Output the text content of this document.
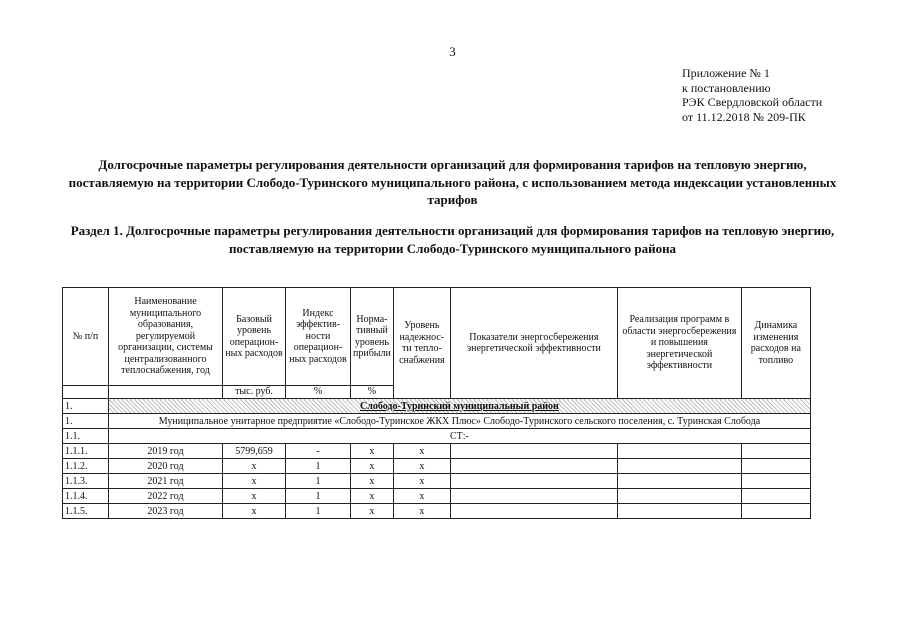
3
Приложение № 1
к постановлению
РЭК Свердловской области
от 11.12.2018 № 209-ПК
Долгосрочные параметры регулирования деятельности организаций для формирования тарифов на тепловую энергию, поставляемую на территории Слободо-Туринского муниципального района, с использованием метода индексации установленных тарифов
Раздел 1. Долгосрочные параметры регулирования деятельности организаций для формирования тарифов на тепловую энергию, поставляемую на территории Слободо-Туринского муниципального района
№ п/п	Наименование муниципального образования, регулируемой организации, системы централизованного теплоснабжения, год	Базовый уровень операцион-ных расходов	Индекс эффектив-ности операцион-ных расходов	Норма-тивный уровень прибыли	Уровень надежнос-ти тепло-снабжения	Показатели энергосбережения энергетической эффективности	Реализация программ в области энергосбережения и повышения энергетической эффективности	Динамика изменения расходов на топливо
		тыс. руб.	%	%				
1.	Слободо-Туринский муниципальный район							
1.	Муниципальное унитарное предприятие «Слободо-Туринское ЖКХ Плюс» Слободо-Туринского сельского поселения, с. Туринская Слобода							
1.1.	СТ:-							
1.1.1.	2019 год	5799,659	-	х	х			
1.1.2.	2020 год	х	1	х	х			
1.1.3.	2021 год	х	1	х	х			
1.1.4.	2022 год	х	1	х	х			
1.1.5.	2023 год	х	1	х	х			
